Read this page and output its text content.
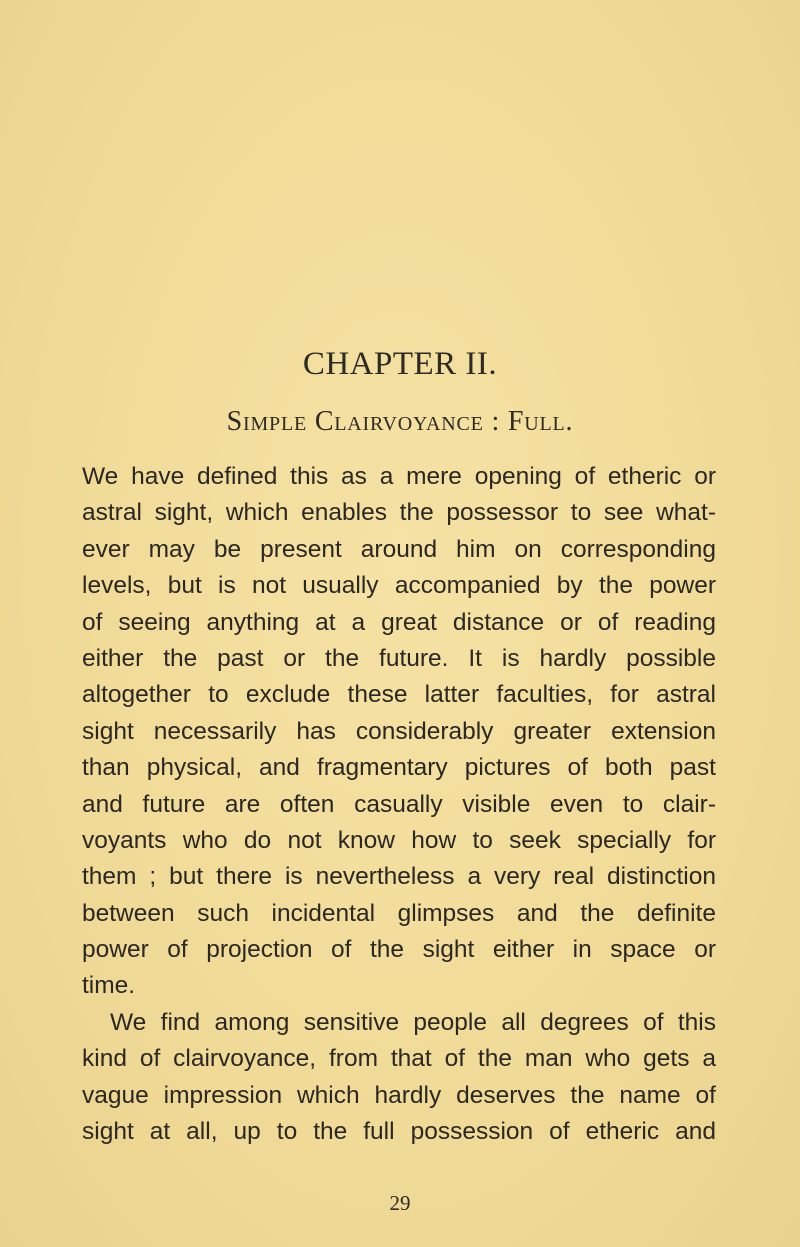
CHAPTER II.
Simple Clairvoyance : Full.
We have defined this as a mere opening of etheric or
astral sight, which enables the possessor to see what-
ever may be present around him on corresponding
levels, but is not usually accompanied by the power
of seeing anything at a great distance or of reading
either the past or the future. It is hardly possible
altogether to exclude these latter faculties, for astral
sight necessarily has considerably greater extension
than physical, and fragmentary pictures of both past
and future are often casually visible even to clair-
voyants who do not know how to seek specially for
them ; but there is nevertheless a very real distinction
between such incidental glimpses and the definite
power of projection of the sight either in space or
time.
We find among sensitive people all degrees of this
kind of clairvoyance, from that of the man who gets a
vague impression which hardly deserves the name of
sight at all, up to the full possession of etheric and
29
